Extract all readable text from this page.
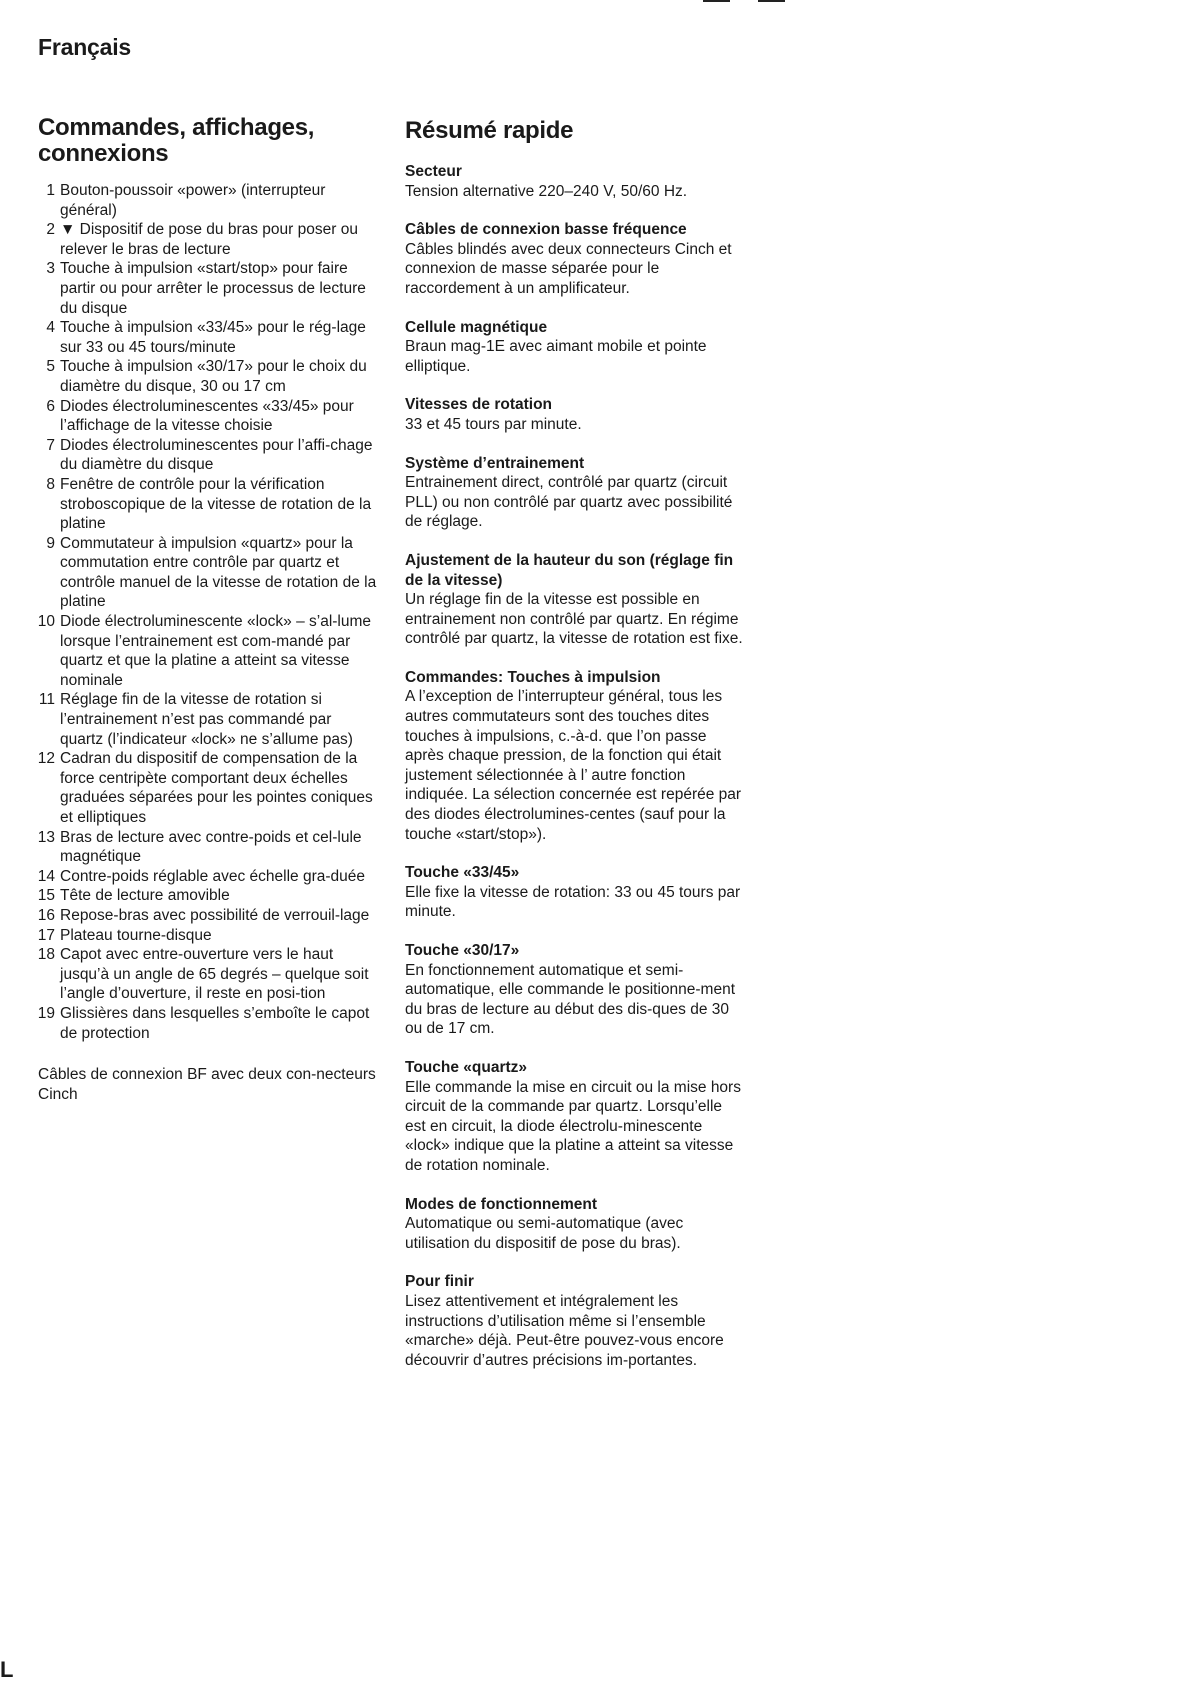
Français
Commandes, affichages,
connexions
1 Bouton-poussoir «power» (interrupteur général)
2 ▼ Dispositif de pose du bras pour poser ou relever le bras de lecture
3 Touche à impulsion «start/stop» pour faire partir ou pour arrêter le processus de lecture du disque
4 Touche à impulsion «33/45» pour le rég-lage sur 33 ou 45 tours/minute
5 Touche à impulsion «30/17» pour le choix du diamètre du disque, 30 ou 17 cm
6 Diodes électroluminescentes «33/45» pour l’affichage de la vitesse choisie
7 Diodes électroluminescentes pour l’affi-chage du diamètre du disque
8 Fenêtre de contrôle pour la vérification stroboscopique de la vitesse de rotation de la platine
9 Commutateur à impulsion «quartz» pour la commutation entre contrôle par quartz et contrôle manuel de la vitesse de rotation de la platine
10 Diode électroluminescente «lock» – s’al-lume lorsque l’entrainement est com-mandé par quartz et que la platine a atteint sa vitesse nominale
11 Réglage fin de la vitesse de rotation si l’entrainement n’est pas commandé par quartz (l’indicateur «lock» ne s’allume pas)
12 Cadran du dispositif de compensation de la force centripète comportant deux échelles graduées séparées pour les pointes coniques et elliptiques
13 Bras de lecture avec contre-poids et cel-lule magnétique
14 Contre-poids réglable avec échelle gra-duée
15 Tête de lecture amovible
16 Repose-bras avec possibilité de verrouil-lage
17 Plateau tourne-disque
18 Capot avec entre-ouverture vers le haut jusqu’à un angle de 65 degrés – quelque soit l’angle d’ouverture, il reste en posi-tion
19 Glissières dans lesquelles s’emboîte le capot de protection

Câbles de connexion BF avec deux con-necteurs Cinch

Résumé rapide
Secteur

Tension alternative 220–240 V, 50/60 Hz.

Câbles de connexion basse fréquence

Câbles blindés avec deux connecteurs Cinch et connexion de masse séparée pour le raccordement à un amplificateur.

Cellule magnétique

Braun mag-1E avec aimant mobile et pointe elliptique.

Vitesses de rotation

33 et 45 tours par minute.

Système d’entrainement

Entrainement direct, contrôlé par quartz (circuit PLL) ou non contrôlé par quartz avec possibilité de réglage.

Ajustement de la hauteur du son (réglage fin de la vitesse)

Un réglage fin de la vitesse est possible en entrainement non contrôlé par quartz. En régime contrôlé par quartz, la vitesse de rotation est fixe.

Commandes: Touches à impulsion

A l’exception de l’interrupteur général, tous les autres commutateurs sont des touches dites touches à impulsions, c.-à-d. que l’on passe après chaque pression, de la fonction qui était justement sélectionnée à l’ autre fonction indiquée. La sélection concernée est repérée par des diodes électrolumines-centes (sauf pour la touche «start/stop»).

Touche «33/45»

Elle fixe la vitesse de rotation: 33 ou 45 tours par minute.

Touche «30/17»

En fonctionnement automatique et semi-automatique, elle commande le positionne-ment du bras de lecture au début des dis-ques de 30 ou de 17 cm.

Touche «quartz»

Elle commande la mise en circuit ou la mise hors circuit de la commande par quartz. Lorsqu’elle est en circuit, la diode électrolu-minescente «lock» indique que la platine a atteint sa vitesse de rotation nominale.

Modes de fonctionnement

Automatique ou semi-automatique (avec utilisation du dispositif de pose du bras).

Pour finir

Lisez attentivement et intégralement les instructions d’utilisation même si l’ensemble «marche» déjà. Peut-être pouvez-vous encore découvrir d’autres précisions im-portantes.

L
